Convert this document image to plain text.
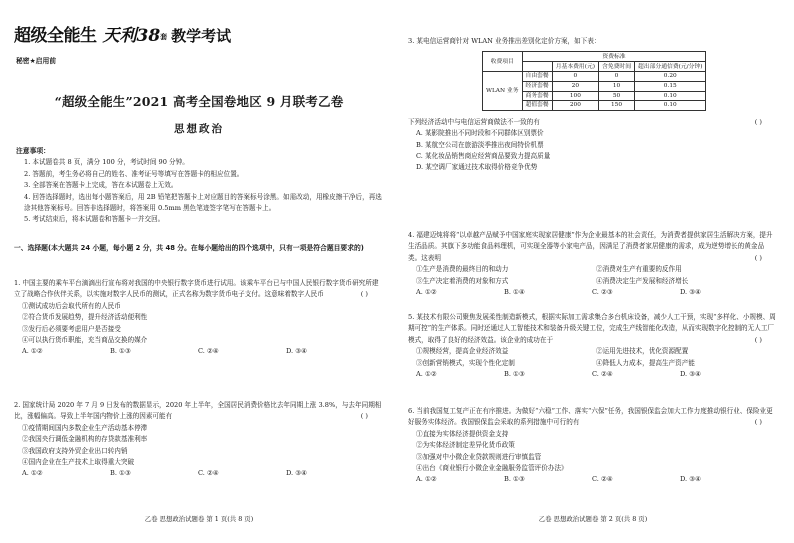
超级全能生 天利$38^套$ 教学考试
秘密★启用前
“超级全能生”2021 高考全国卷地区 9 月联考乙卷
思想政治
注意事项：
1. 本试题卷共 8 页，满分 100 分，考试时间 90 分钟。
2. 答题前，考生务必将自己的姓名、准考证号等填写在答题卡的相应位置。
3. 全部答案在答题卡上完成，答在本试题卷上无效。
4. 回答选择题时，选出每小题答案后，用 2B 铅笔把答题卡上对应题目的答案标号涂黑。如需改动，用橡皮擦干净后，再选涂其他答案标号。回答非选择题时，将答案用 0.5mm 黑色笔迹签字笔写在答题卡上。
5. 考试结束后，将本试题卷和答题卡一并交回。
一、选择题(本大题共 24 小题，每小题 2 分，共 48 分。在每小题给出的四个选项中，只有一项是符合题目要求的)
1. 中国主要的乘车平台滴滴出行宣布将对我国的中央银行数字货币进行试用。该乘车平台已与中国人民银行数字货币研究所建立了战略合作伙伴关系，以实施对数字人民币的测试，正式名称为数字货币电子支付。这意味着数字人民币	( )
①测试成功后会取代所有的人民币
②符合货币发展趋势，提升经济活动便利性
③发行后必须要考虑用户是否接受
④可以执行货币职能，充当商品交换的媒介
A. ①②	B. ①③	C. ②④	D. ③④
2. 国家统计局 2020 年 7 月 9 日发布的数据显示，2020 年上半年，全国居民消费价格比去年同期上涨 3.8%，与去年同期相比，涨幅偏高。导致上半年国内物价上涨的因素可能有	( )
①疫情期间国内多数企业生产活动基本停滞
②我国央行调低金融机构的存贷款基准利率
③我国政府支持外贸企业出口转内销
④国内企业在生产技术上取得重大突破
A. ①②	B. ①③	C. ②④	D. ③④
乙卷 思想政治试题卷 第 1 页(共 8 页)
3. 某电信运营商针对 WLAN 业务推出差别化定价方案，如下表：
收费项目	资费标准			
		月基本费用(元)	含免费时间	超出部分通信费(元/分钟)
WLAN 业务	自由套餐	0	0	0.20
	经济套餐	20	10	0.15
	商务套餐	100	50	0.10
	超值套餐	200	150	0.10
下列经济活动中与电信运营商做法不一致的有	( )
A. 某影院推出不同时段和不同群体区别票价
B. 某航空公司在旅游淡季推出夜间特价机票
C. 某化妆品销售商应经营商品要致力提高质量
D. 某空调厂家通过技术取得价格竞争优势
4. 福建迈炖将将“以卓越产品赋予中国家庭实现家居健康”作为企业最基本的社会责任，为消费者提供家居生活解决方案，提升生活品质。其旗下多功能食品料理机，可实现全器等小家电产品，因满足了消费者家居健康的需求，成为逆势增长的黄金品类。这表明	( )
①生产是消费的最终目的和动力	②消费对生产有重要的反作用
③生产决定着消费的对象和方式	④消费决定生产发展和经济增长
A. ①②	B. ①④	C. ②③	D. ③④
5. 某技术有限公司聚焦发展柔性制造新模式，根据实际加工需求集合多台机床设备，减少人工干预，实现“多样化、小规模、周期可控”的生产体系。同时还通过人工智能技术和装备升级关键工位，完成生产线智能化改造，从而实现数字化控制的无人工厂模式，取得了良好的经济效益。该企业的成功在于	( )
①规模经营，提高企业经济效益	②运用先进技术，优化资源配置
③创新营销模式，实现个性化定制	④降低人力成本，提高生产资产能
A. ①②	B. ①③	C. ②④	D. ③④
6. 当前我国复工复产正在有序推进。为做好“六稳”工作、落实“六保”任务，我国银保监会加大工作力度推动银行业、保险业更好服务实体经济。我国银保监会采取的系列措施中可行的有	( )
①直接为实体经济提供资金支持
②为实体经济制定差异化货币政策
③加强对中小微企业贷款规则进行审慎监管
④出台《商业银行小微企业金融服务监管评价办法》
A. ①②	B. ①③	C. ②④	D. ③④
乙卷 思想政治试题卷 第 2 页(共 8 页)
